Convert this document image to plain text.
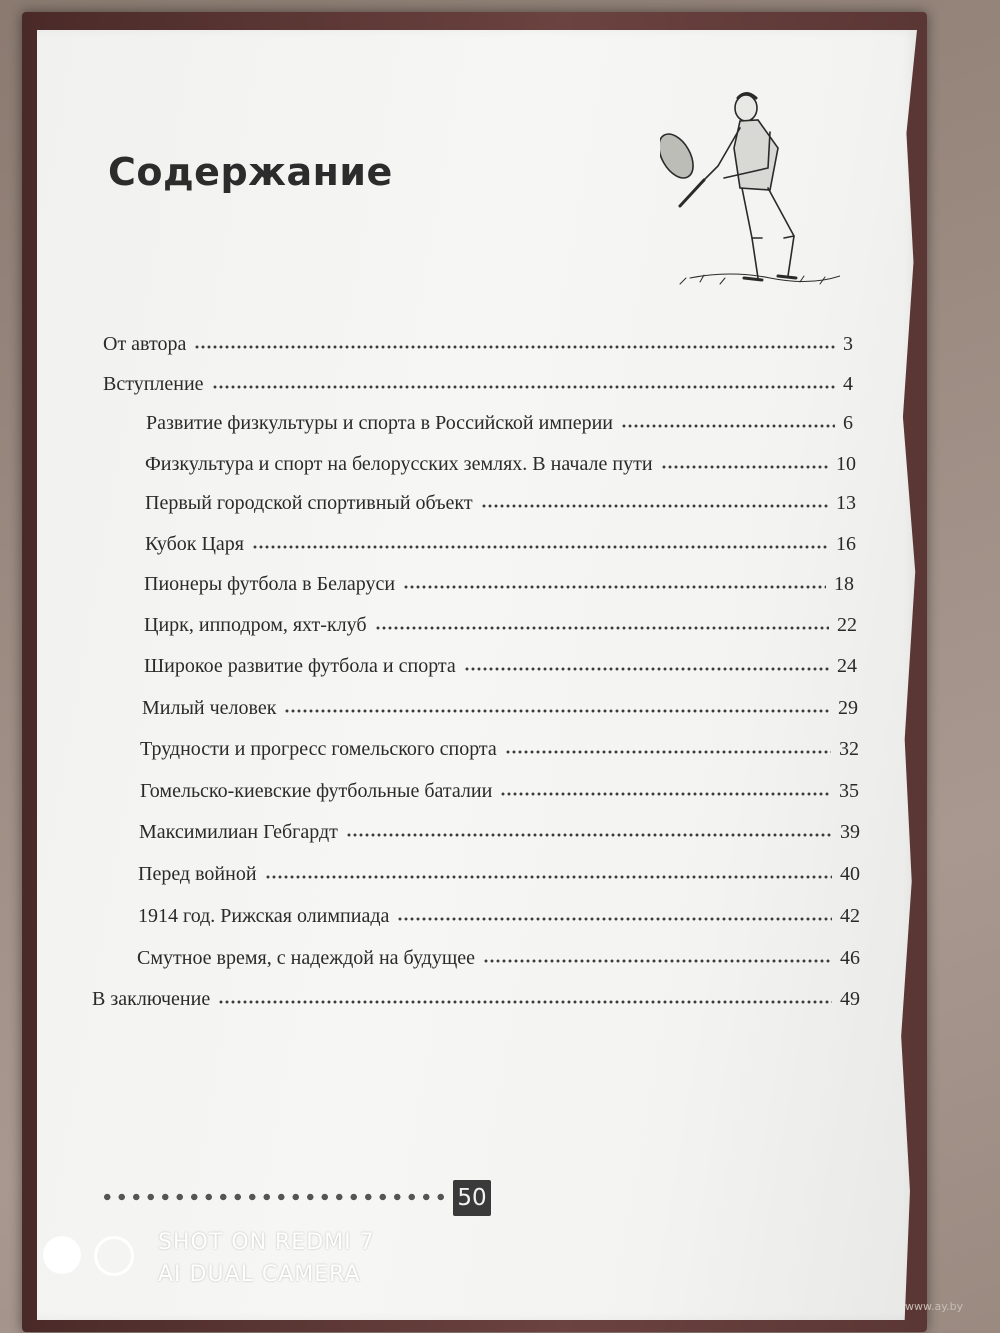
Содержание
От автора	3
Вступление	4
Развитие физкультуры и спорта в Российской империи	6
Физкультура и спорт на белорусских землях. В начале пути	10
Первый городской спортивный объект	13
Кубок Царя	16
Пионеры футбола в Беларуси	18
Цирк, ипподром, яхт-клуб	22
Широкое развитие футбола и спорта	24
Милый человек	29
Трудности и прогресс гомельского спорта	32
Гомельско-киевские футбольные баталии	35
Максимилиан Гебгардт	39
Перед войной	40
1914 год. Рижская олимпиада	42
Смутное время, с надеждой на будущее	46
В заключение	49
50
SHOT ON REDMI 7
AI DUAL CAMERA
www.ay.by
